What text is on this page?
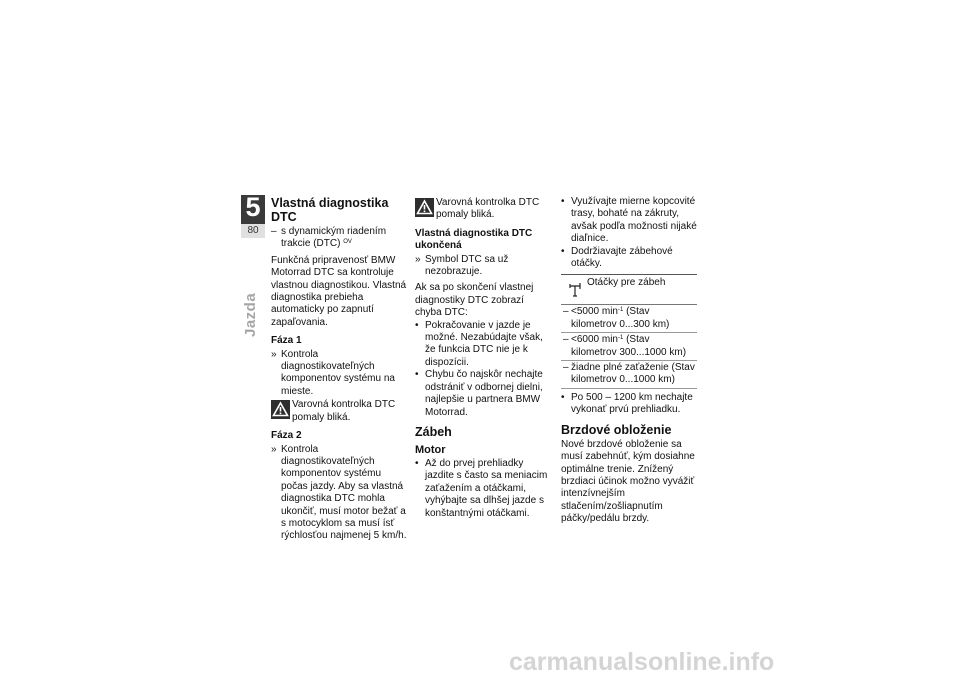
5
80
Jazda
Vlastná diagnostika DTC
– s dynamickým riadením trakcie (DTC) $^{OV}$

Funkčná pripravenosť BMW Motorrad DTC sa kontroluje vlastnou diagnostikou. Vlastná diagnostika prebieha automaticky po zapnutí zapaľovania.

Fáza 1
» Kontrola diagnostikovateľných komponentov systému na mieste.
Varovná kontrolka DTC pomaly bliká.
Fáza 2
» Kontrola diagnostikovateľných komponentov systému počas jazdy. Aby sa vlastná diagnostika DTC mohla ukončiť, musí motor bežať a s motocyklom sa musí ísť rýchlosťou najmenej 5 km/h.
Varovná kontrolka DTC pomaly bliká.
Vlastná diagnostika DTC ukončená
» Symbol DTC sa už nezobrazuje.

Ak sa po skončení vlastnej diagnostiky DTC zobrazí chyba DTC:

• Pokračovanie v jazde je možné. Nezabúdajte však, že funkcia DTC nie je k dispozícii.
• Chybu čo najskôr nechajte odstrániť v odbornej dielni, najlepšie u partnera BMW Motorrad.
Zábeh
Motor
• Až do prvej prehliadky jazdite s často sa meniacim zaťažením a otáčkami, vyhýbajte sa dlhšej jazde s konštantnými otáčkami.
• Využívajte mierne kopcovité trasy, bohaté na zákruty, avšak podľa možnosti nijaké diaľnice.
• Dodržiavajte zábehové otáčky.
Otáčky pre zábeh
– <5000 $\min^{-1}$ (Stav kilometrov 0...300 km)
– <6000 $\min^{-1}$ (Stav kilometrov 300...1000 km)
– žiadne plné zaťaženie (Stav kilometrov 0...1000 km)
• Po 500 – 1200 km nechajte vykonať prvú prehliadku.
Brzdové obloženie

Nové brzdové obloženie sa musí zabehnúť, kým dosiahne optimálne trenie. Znížený brzdiaci účinok možno vyvážiť intenzívnejším stlačením/zošliapnutím páčky/pedálu brzdy.

carmanualsonline.info
